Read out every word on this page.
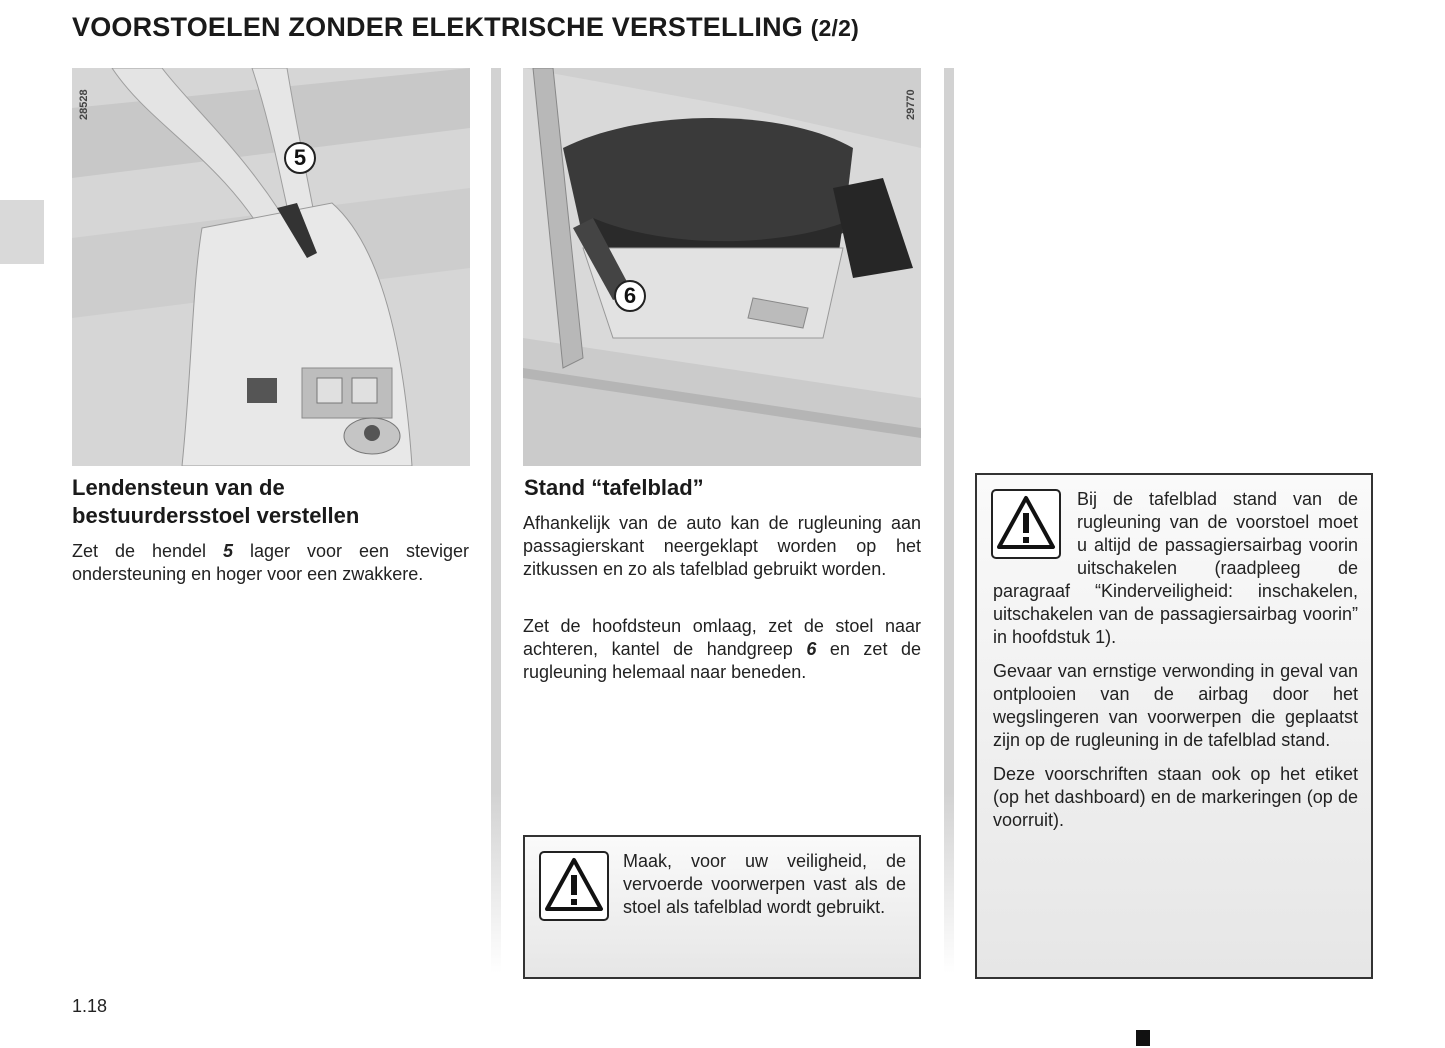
VOORSTOELEN ZONDER ELEKTRISCHE VERSTELLING (2/2)
28528
5
29770
6
Lendensteun van de
bestuurdersstoel verstellen

Zet de hendel 5 lager voor een steviger ondersteuning en hoger voor een zwakkere.

Stand “tafelblad”

Afhankelijk van de auto kan de rugleuning aan passagierskant neergeklapt worden op het zitkussen en zo als tafelblad gebruikt worden.

Zet de hoofdsteun omlaag, zet de stoel naar achteren, kantel de handgreep 6 en zet de rugleuning helemaal naar beneden.

Maak, voor uw veiligheid, de vervoerde voorwerpen vast als de stoel als tafelblad wordt gebruikt.

Bij de tafelblad stand van de rugleuning van de voorstoel moet u altijd de passagiersairbag voorin uitschakelen (raadpleeg de paragraaf “Kinderveiligheid: inschakelen, uitschakelen van de passagiersairbag voorin” in hoofdstuk 1).

Gevaar van ernstige verwonding in geval van ontplooien van de airbag door het wegslingeren van voorwerpen die geplaatst zijn op de rugleuning in de tafelblad stand.

Deze voorschriften staan ook op het etiket (op het dashboard) en de markeringen (op de voorruit).

1.18
